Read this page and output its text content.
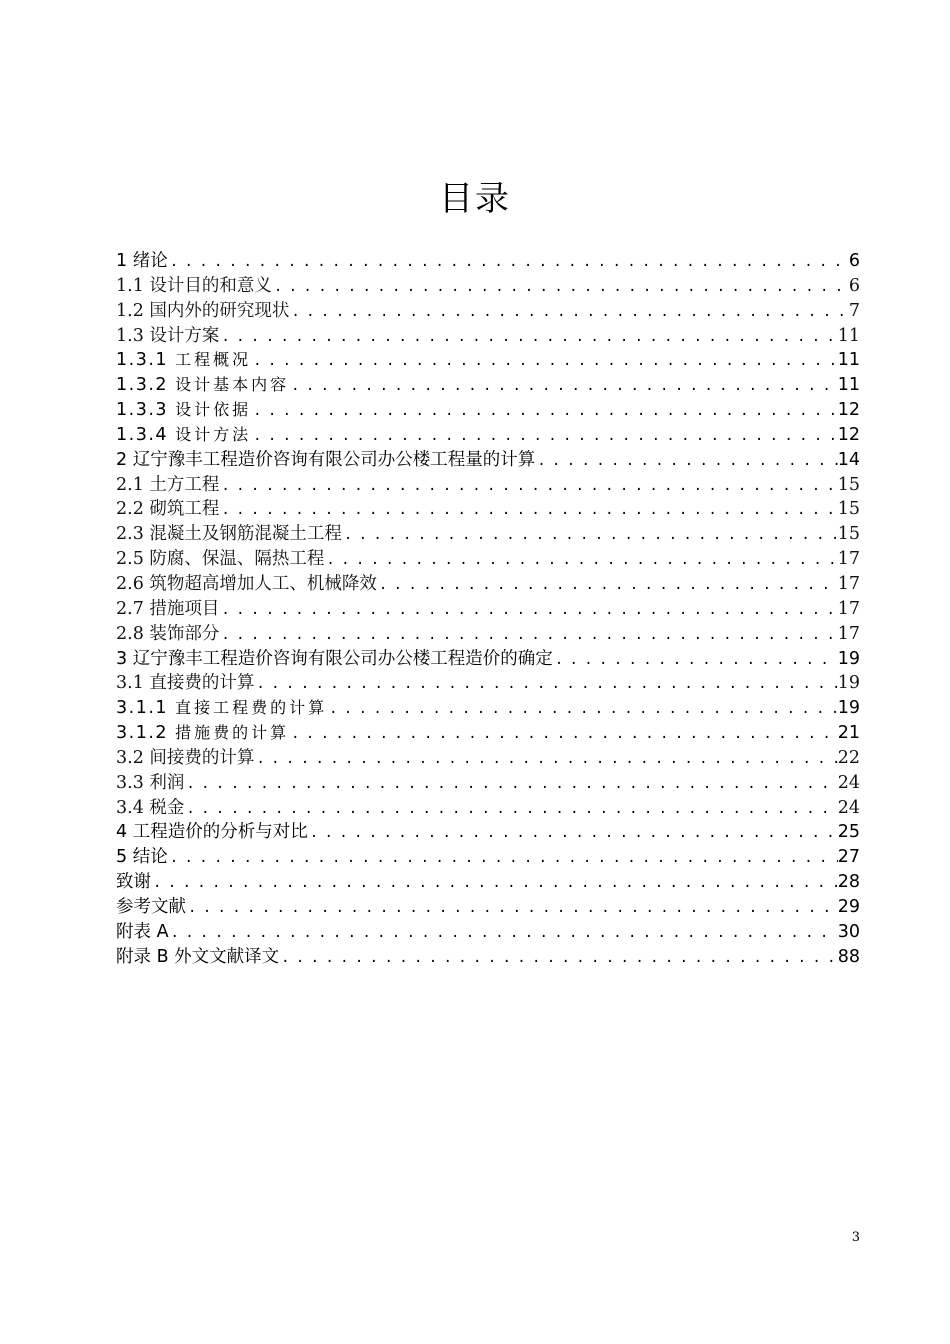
目录
1 绪论 . . .	6
1.1 设计目的和意义 . . .	6
1.2 国内外的研究现状 . . .	7
1.3 设计方案 . . .	11
1.3.1 工程概况 . . .	11
1.3.2 设计基本内容 . . .	11
1.3.3 设计依据 . . .	12
1.3.4 设计方法 . . .	12
2 辽宁豫丰工程造价咨询有限公司办公楼工程量的计算 . . .	14
2.1 土方工程 . . .	15
2.2 砌筑工程 . . .	15
2.3 混凝土及钢筋混凝土工程 . . .	15
2.5 防腐、保温、隔热工程 . . .	17
2.6 筑物超高增加人工、机械降效 . . .	17
2.7 措施项目 . . .	17
2.8 装饰部分 . . .	17
3 辽宁豫丰工程造价咨询有限公司办公楼工程造价的确定 . . .	19
3.1 直接费的计算 . . .	19
3.1.1 直接工程费的计算 . . .	19
3.1.2 措施费的计算 . . .	21
3.2 间接费的计算 . . .	22
3.3 利润 . . .	24
3.4 税金 . . .	24
4 工程造价的分析与对比 . . .	25
5 结论 . . .	27
致谢 . . .	28
参考文献 . . .	29
附表 A . . .	30
附录 B 外文文献译文 . . .	88
3
